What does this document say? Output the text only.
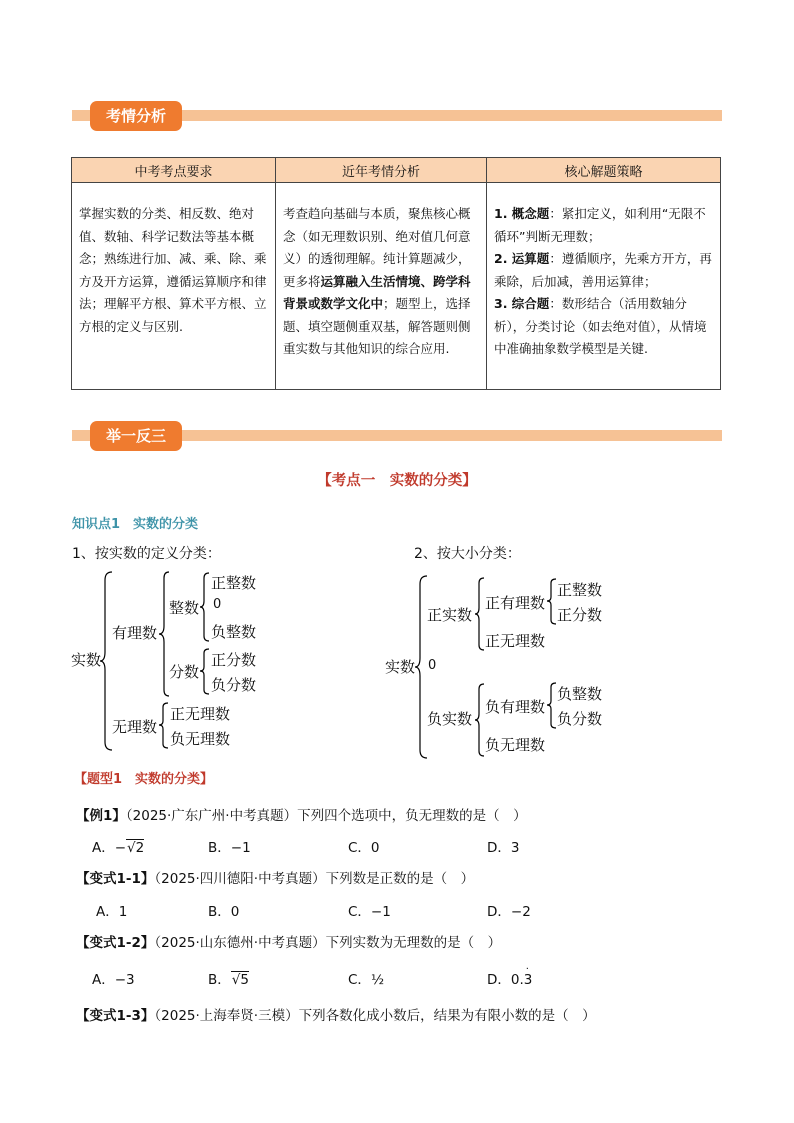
考情分析
中考考点要求	近年考情分析	核心解题策略
掌握实数的分类、相反数、绝对值、数轴、科学记数法等基本概念；熟练进行加、减、乘、除、乘方及开方运算，遵循运算顺序和律法；理解平方根、算术平方根、立方根的定义与区别.	考查趋向基础与本质，聚焦核心概念（如无理数识别、绝对值几何意义）的透彻理解。纯计算题减少，更多将运算融入生活情境、跨学科背景或数学文化中；题型上，选择题、填空题侧重双基，解答题则侧重实数与其他知识的综合应用.	1. 概念题：紧扣定义，如利用“无限不循环”判断无理数；
2. 运算题：遵循顺序，先乘方开方，再乘除，后加减，善用运算律；
3. 综合题：数形结合（活用数轴分析），分类讨论（如去绝对值），从情境中准确抽象数学模型是关键.
举一反三
【考点一　实数的分类】
知识点1　实数的分类
1、按实数的定义分类：
实数
有理数
整数
正整数
0
负整数
分数
正分数
负分数
无理数
正无理数
负无理数
2、按大小分类：
实数
正实数
正有理数
正整数
正分数
正无理数
0
负实数
负有理数
负整数
负分数
负无理数
【题型1　实数的分类】
【例1】（2025·广东广州·中考真题）下列四个选项中，负无理数的是（　）
A．−√2	B．−1	C．0	D．3
【变式1-1】（2025·四川德阳·中考真题）下列数是正数的是（　）
A．1	B．0	C．−1	D．−2
【变式1-2】（2025·山东德州·中考真题）下列实数为无理数的是（　）
A．−3	B．√5	C．½	D．0.3
·
【变式1-3】（2025·上海奉贤·三模）下列各数化成小数后，结果为有限小数的是（　）
